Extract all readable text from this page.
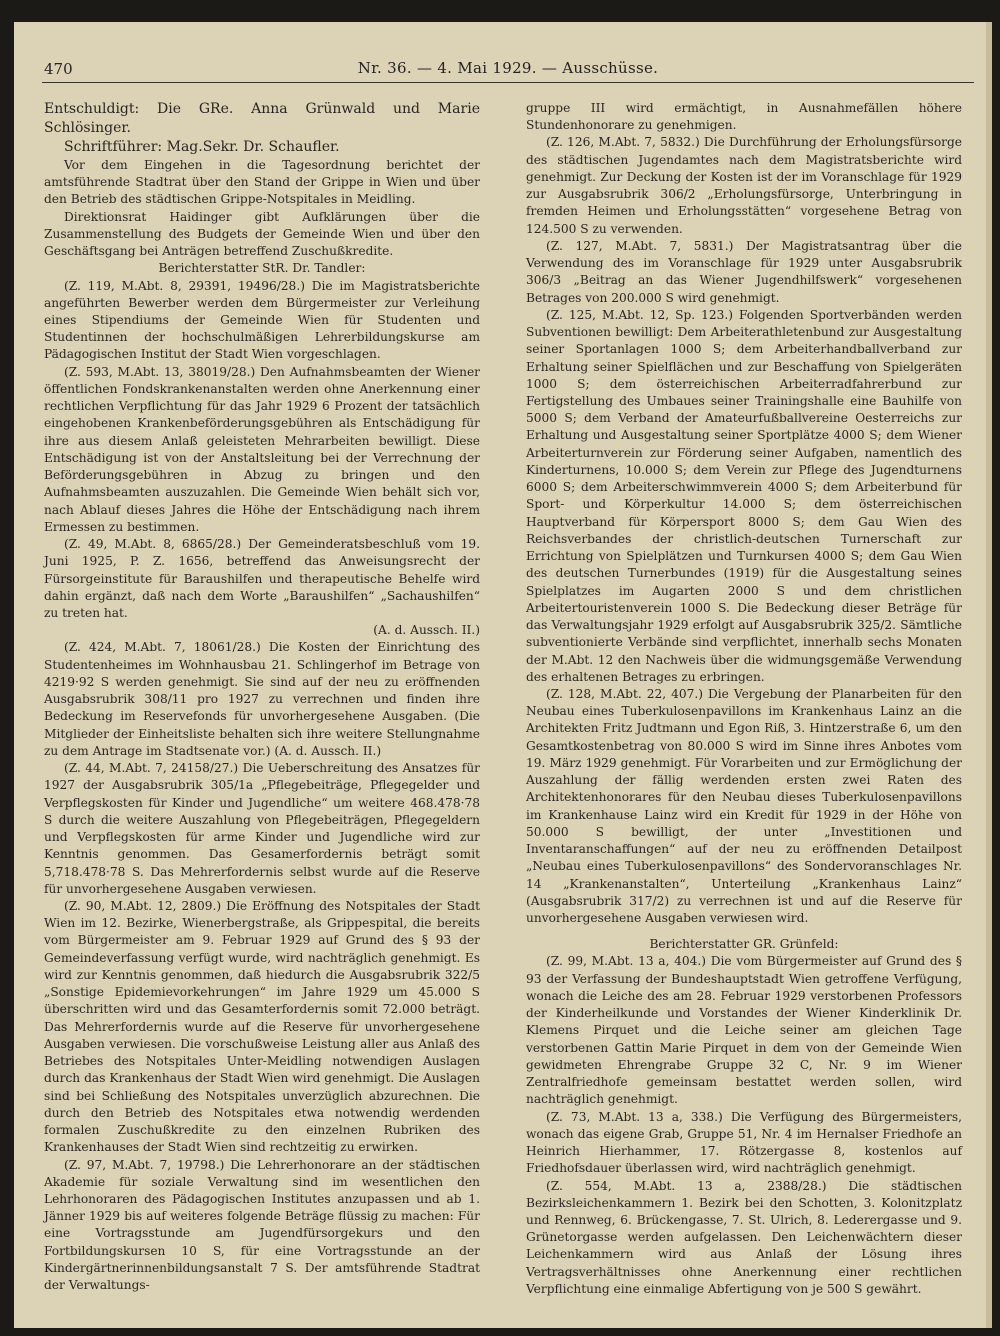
470	Nr. 36. — 4. Mai 1929. — Ausschüsse.

Entschuldigt: Die GRe. Anna Grünwald und Marie Schlösinger.

Schriftführer: Mag.Sekr. Dr. Schaufler.

Vor dem Eingehen in die Tagesordnung berichtet der amtsführende Stadtrat über den Stand der Grippe in Wien und über den Betrieb des städtischen Grippe-Notspitales in Meidling.

Direktionsrat Haidinger gibt Aufklärungen über die Zusammenstellung des Budgets der Gemeinde Wien und über den Geschäftsgang bei Anträgen betreffend Zuschußkredite.

Berichterstatter StR. Dr. Tandler:

(Z. 119, M.Abt. 8, 29391, 19496/28.) Die im Magistratsberichte angeführten Bewerber werden dem Bürgermeister zur Verleihung eines Stipendiums der Gemeinde Wien für Studenten und Studentinnen der hochschulmäßigen Lehrerbildungskurse am Pädagogischen Institut der Stadt Wien vorgeschlagen.

(Z. 593, M.Abt. 13, 38019/28.) Den Aufnahmsbeamten der Wiener öffentlichen Fondskrankenanstalten werden ohne Anerkennung einer rechtlichen Verpflichtung für das Jahr 1929 6 Prozent der tatsächlich eingehobenen Krankenbeförderungsgebühren als Entschädigung für ihre aus diesem Anlaß geleisteten Mehrarbeiten bewilligt. Diese Entschädigung ist von der Anstaltsleitung bei der Verrechnung der Beförderungsgebühren in Abzug zu bringen und den Aufnahmsbeamten auszuzahlen. Die Gemeinde Wien behält sich vor, nach Ablauf dieses Jahres die Höhe der Entschädigung nach ihrem Ermessen zu bestimmen.

(Z. 49, M.Abt. 8, 6865/28.) Der Gemeinderatsbeschluß vom 19. Juni 1925, P. Z. 1656, betreffend das Anweisungsrecht der Fürsorgeinstitute für Baraushilfen und therapeutische Behelfe wird dahin ergänzt, daß nach dem Worte „Baraushilfen“ „Sachaushilfen“ zu treten hat.

(A. d. Aussch. II.)

(Z. 424, M.Abt. 7, 18061/28.) Die Kosten der Einrichtung des Studentenheimes im Wohnhausbau 21. Schlingerhof im Betrage von 4219·92 S werden genehmigt. Sie sind auf der neu zu eröffnenden Ausgabsrubrik 308/11 pro 1927 zu verrechnen und finden ihre Bedeckung im Reservefonds für unvorhergesehene Ausgaben. (Die Mitglieder der Einheitsliste behalten sich ihre weitere Stellungnahme zu dem Antrage im Stadtsenate vor.) (A. d. Aussch. II.)

(Z. 44, M.Abt. 7, 24158/27.) Die Ueberschreitung des Ansatzes für 1927 der Ausgabsrubrik 305/1a „Pflegebeiträge, Pflegegelder und Verpflegskosten für Kinder und Jugendliche“ um weitere 468.478·78 S durch die weitere Auszahlung von Pflegebeiträgen, Pflegegeldern und Verpflegskosten für arme Kinder und Jugendliche wird zur Kenntnis genommen. Das Gesamerfordernis beträgt somit 5,718.478·78 S. Das Mehrerfordernis selbst wurde auf die Reserve für unvorhergesehene Ausgaben verwiesen.

(Z. 90, M.Abt. 12, 2809.) Die Eröffnung des Notspitales der Stadt Wien im 12. Bezirke, Wienerbergstraße, als Grippespital, die bereits vom Bürgermeister am 9. Februar 1929 auf Grund des § 93 der Gemeindeverfassung verfügt wurde, wird nachträglich genehmigt. Es wird zur Kenntnis genommen, daß hiedurch die Ausgabsrubrik 322/5 „Sonstige Epidemievorkehrungen“ im Jahre 1929 um 45.000 S überschritten wird und das Gesamterfordernis somit 72.000 beträgt. Das Mehrerfordernis wurde auf die Reserve für unvorhergesehene Ausgaben verwiesen. Die vorschußweise Leistung aller aus Anlaß des Betriebes des Notspitales Unter-Meidling notwendigen Auslagen durch das Krankenhaus der Stadt Wien wird genehmigt. Die Auslagen sind bei Schließung des Notspitales unverzüglich abzurechnen. Die durch den Betrieb des Notspitales etwa notwendig werdenden formalen Zuschußkredite zu den einzelnen Rubriken des Krankenhauses der Stadt Wien sind rechtzeitig zu erwirken.

(Z. 97, M.Abt. 7, 19798.) Die Lehrerhonorare an der städtischen Akademie für soziale Verwaltung sind im wesentlichen den Lehrhonoraren des Pädagogischen Institutes anzupassen und ab 1. Jänner 1929 bis auf weiteres folgende Beträge flüssig zu machen: Für eine Vortragsstunde am Jugendfürsorgekurs und den Fortbildungskursen 10 S, für eine Vortragsstunde an der Kindergärtnerinnenbildungsanstalt 7 S. Der amtsführende Stadtrat der Verwaltungs-

gruppe III wird ermächtigt, in Ausnahmefällen höhere Stundenhonorare zu genehmigen.

(Z. 126, M.Abt. 7, 5832.) Die Durchführung der Erholungsfürsorge des städtischen Jugendamtes nach dem Magistratsberichte wird genehmigt. Zur Deckung der Kosten ist der im Voranschlage für 1929 zur Ausgabsrubrik 306/2 „Erholungsfürsorge, Unterbringung in fremden Heimen und Erholungsstätten“ vorgesehene Betrag von 124.500 S zu verwenden.

(Z. 127, M.Abt. 7, 5831.) Der Magistratsantrag über die Verwendung des im Voranschlage für 1929 unter Ausgabsrubrik 306/3 „Beitrag an das Wiener Jugendhilfswerk“ vorgesehenen Betrages von 200.000 S wird genehmigt.

(Z. 125, M.Abt. 12, Sp. 123.) Folgenden Sportverbänden werden Subventionen bewilligt: Dem Arbeiterathletenbund zur Ausgestaltung seiner Sportanlagen 1000 S; dem Arbeiterhandballverband zur Erhaltung seiner Spielflächen und zur Beschaffung von Spielgeräten 1000 S; dem österreichischen Arbeiterradfahrerbund zur Fertigstellung des Umbaues seiner Trainingshalle eine Bauhilfe von 5000 S; dem Verband der Amateurfußballvereine Oesterreichs zur Erhaltung und Ausgestaltung seiner Sportplätze 4000 S; dem Wiener Arbeiterturnverein zur Förderung seiner Aufgaben, namentlich des Kinderturnens, 10.000 S; dem Verein zur Pflege des Jugendturnens 6000 S; dem Arbeiterschwimmverein 4000 S; dem Arbeiterbund für Sport- und Körperkultur 14.000 S; dem österreichischen Hauptverband für Körpersport 8000 S; dem Gau Wien des Reichsverbandes der christlich-deutschen Turnerschaft zur Errichtung von Spielplätzen und Turnkursen 4000 S; dem Gau Wien des deutschen Turnerbundes (1919) für die Ausgestaltung seines Spielplatzes im Augarten 2000 S und dem christlichen Arbeitertouristenverein 1000 S. Die Bedeckung dieser Beträge für das Verwaltungsjahr 1929 erfolgt auf Ausgabsrubrik 325/2. Sämtliche subventionierte Verbände sind verpflichtet, innerhalb sechs Monaten der M.Abt. 12 den Nachweis über die widmungsgemäße Verwendung des erhaltenen Betrages zu erbringen.

(Z. 128, M.Abt. 22, 407.) Die Vergebung der Planarbeiten für den Neubau eines Tuberkulosenpavillons im Krankenhaus Lainz an die Architekten Fritz Judtmann und Egon Riß, 3. Hintzerstraße 6, um den Gesamtkostenbetrag von 80.000 S wird im Sinne ihres Anbotes vom 19. März 1929 genehmigt. Für Vorarbeiten und zur Ermöglichung der Auszahlung der fällig werdenden ersten zwei Raten des Architektenhonorares für den Neubau dieses Tuberkulosenpavillons im Krankenhause Lainz wird ein Kredit für 1929 in der Höhe von 50.000 S bewilligt, der unter „Investitionen und Inventaranschaffungen“ auf der neu zu eröffnenden Detailpost „Neubau eines Tuberkulosenpavillons“ des Sondervoranschlages Nr. 14 „Krankenanstalten“, Unterteilung „Krankenhaus Lainz“ (Ausgabsrubrik 317/2) zu verrechnen ist und auf die Reserve für unvorhergesehene Ausgaben verwiesen wird.

Berichterstatter GR. Grünfeld:

(Z. 99, M.Abt. 13 a, 404.) Die vom Bürgermeister auf Grund des § 93 der Verfassung der Bundeshauptstadt Wien getroffene Verfügung, wonach die Leiche des am 28. Februar 1929 verstorbenen Professors der Kinderheilkunde und Vorstandes der Wiener Kinderklinik Dr. Klemens Pirquet und die Leiche seiner am gleichen Tage verstorbenen Gattin Marie Pirquet in dem von der Gemeinde Wien gewidmeten Ehrengrabe Gruppe 32 C, Nr. 9 im Wiener Zentralfriedhofe gemeinsam bestattet werden sollen, wird nachträglich genehmigt.

(Z. 73, M.Abt. 13 a, 338.) Die Verfügung des Bürgermeisters, wonach das eigene Grab, Gruppe 51, Nr. 4 im Hernalser Friedhofe an Heinrich Hierhammer, 17. Rötzergasse 8, kostenlos auf Friedhofsdauer überlassen wird, wird nachträglich genehmigt.

(Z. 554, M.Abt. 13 a, 2388/28.) Die städtischen Bezirksleichenkammern 1. Bezirk bei den Schotten, 3. Kolonitzplatz und Rennweg, 6. Brückengasse, 7. St. Ulrich, 8. Lederergasse und 9. Grünetorgasse werden aufgelassen. Den Leichenwächtern dieser Leichenkammern wird aus Anlaß der Lösung ihres Vertragsverhältnisses ohne Anerkennung einer rechtlichen Verpflichtung eine einmalige Abfertigung von je 500 S gewährt.
